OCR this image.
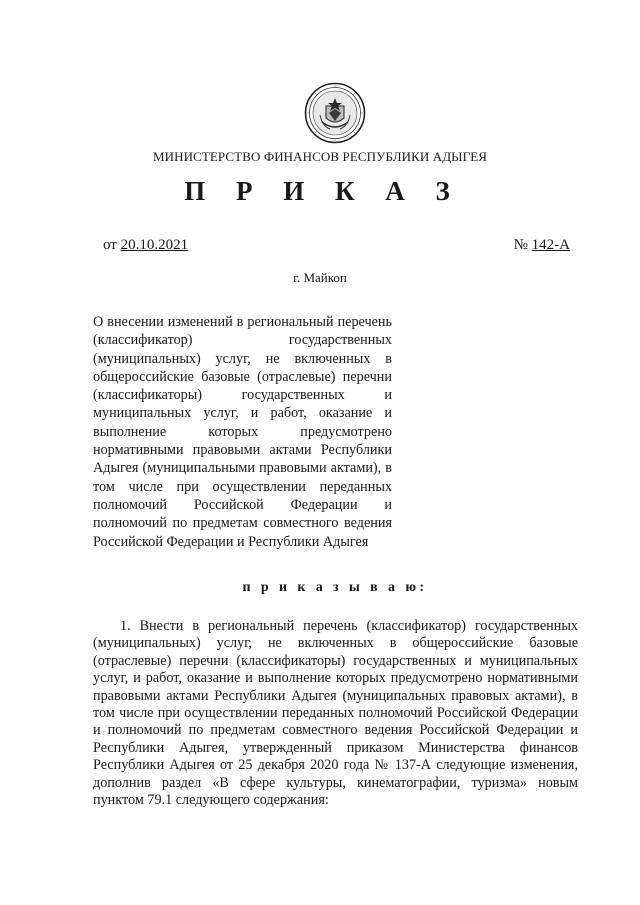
МИНИСТЕРСТВО ФИНАНСОВ РЕСПУБЛИКИ АДЫГЕЯ
П Р И К А З
от 20.10.2021	№ 142-А
г. Майкоп
О внесении изменений в региональный перечень (классификатор) государственных (муниципальных) услуг, не включенных в общероссийские базовые (отраслевые) перечни (классификаторы) государственных и муниципальных услуг, и работ, оказание и выполнение которых предусмотрено нормативными правовыми актами Республики Адыгея (муниципальными правовыми актами), в том числе при осуществлении переданных полномочий Российской Федерации и полномочий по предметам совместного ведения Российской Федерации и Республики Адыгея
п р и к а з ы в а ю:
1. Внести в региональный перечень (классификатор) государственных (муниципальных) услуг, не включенных в общероссийские базовые (отраслевые) перечни (классификаторы) государственных и муниципальных услуг, и работ, оказание и выполнение которых предусмотрено нормативными правовыми актами Республики Адыгея (муниципальных правовых актами), в том числе при осуществлении переданных полномочий Российской Федерации и полномочий по предметам совместного ведения Российской Федерации и Республики Адыгея, утвержденный приказом Министерства финансов Республики Адыгея от 25 декабря 2020 года № 137-А следующие изменения, дополнив раздел «В сфере культуры, кинематографии, туризма» новым пунктом 79.1 следующего содержания:
